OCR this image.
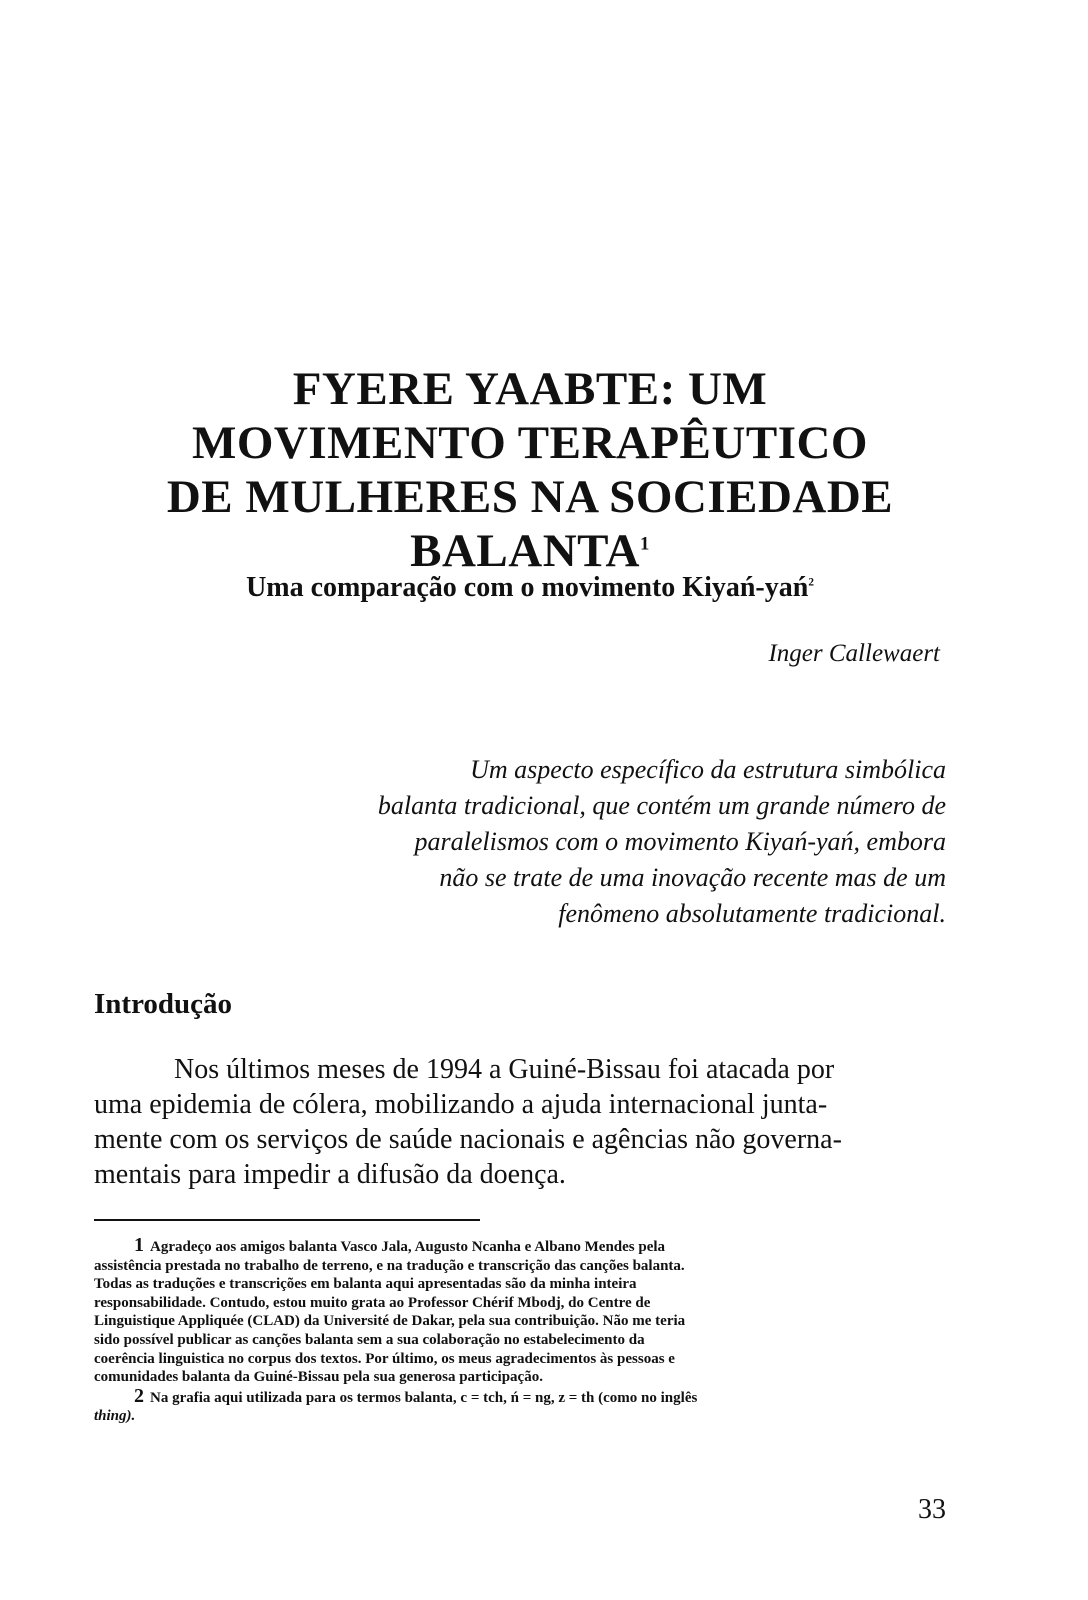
FYERE YAABTE: UM
MOVIMENTO TERAPÊUTICO
DE MULHERES NA SOCIEDADE
BALANTA$^1$
Uma comparação com o movimento Kiyań-yań$^2$
Inger Callewaert
Um aspecto específico da estrutura simbólica
balanta tradicional, que contém um grande número de
paralelismos com o movimento Kiyań-yań, embora
não se trate de uma inovação recente mas de um
fenômeno absolutamente tradicional.
Introdução
Nos últimos meses de 1994 a Guiné-Bissau foi atacada por
uma epidemia de cólera, mobilizando a ajuda internacional junta-
mente com os serviços de saúde nacionais e agências não governa-
mentais para impedir a difusão da doença.
1 Agradeço aos amigos balanta Vasco Jala, Augusto Ncanha e Albano Mendes pela
assistência prestada no trabalho de terreno, e na tradução e transcrição das canções balanta.
Todas as traduções e transcrições em balanta aqui apresentadas são da minha inteira
responsabilidade. Contudo, estou muito grata ao Professor Chérif Mbodj, do Centre de
Linguistique Appliquée (CLAD) da Université de Dakar, pela sua contribuição. Não me teria
sido possível publicar as canções balanta sem a sua colaboração no estabelecimento da
coerência linguistica no corpus dos textos. Por último, os meus agradecimentos às pessoas e
comunidades balanta da Guiné-Bissau pela sua generosa participação.
2 Na grafia aqui utilizada para os termos balanta, c = tch, ń = ng, z = th (como no inglês
thing).
33
